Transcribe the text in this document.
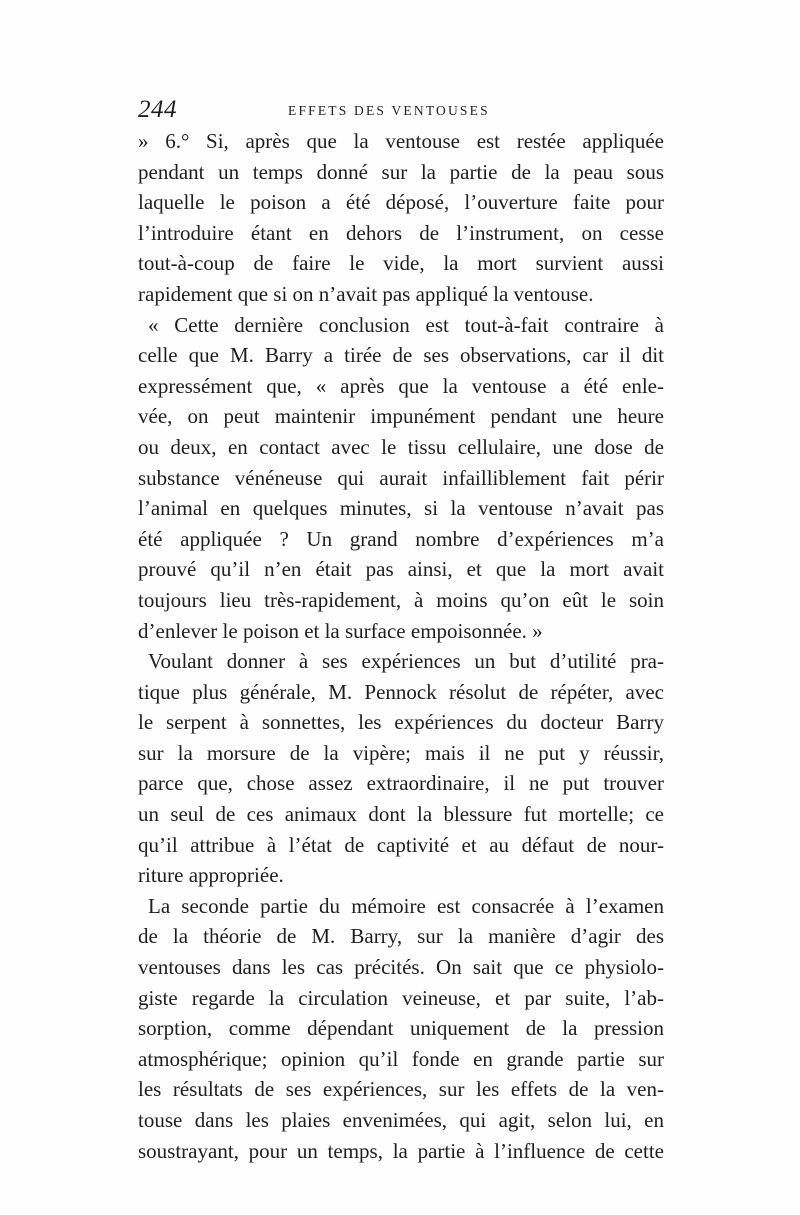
244	EFFETS DES VENTOUSES
» 6.° Si, après que la ventouse est restée appliquée
pendant un temps donné sur la partie de la peau sous
laquelle le poison a été déposé, l’ouverture faite pour
l’introduire étant en dehors de l’instrument, on cesse
tout-à-coup de faire le vide, la mort survient aussi
rapidement que si on n’avait pas appliqué la ventouse.
« Cette dernière conclusion est tout-à-fait contraire à
celle que M. Barry a tirée de ses observations, car il dit
expressément que, « après que la ventouse a été enle-
vée, on peut maintenir impunément pendant une heure
ou deux, en contact avec le tissu cellulaire, une dose de
substance vénéneuse qui aurait infailliblement fait périr
l’animal en quelques minutes, si la ventouse n’avait pas
été appliquée ? Un grand nombre d’expériences m’a
prouvé qu’il n’en était pas ainsi, et que la mort avait
toujours lieu très-rapidement, à moins qu’on eût le soin
d’enlever le poison et la surface empoisonnée. »
Voulant donner à ses expériences un but d’utilité pra-
tique plus générale, M. Pennock résolut de répéter, avec
le serpent à sonnettes, les expériences du docteur Barry
sur la morsure de la vipère; mais il ne put y réussir,
parce que, chose assez extraordinaire, il ne put trouver
un seul de ces animaux dont la blessure fut mortelle; ce
qu’il attribue à l’état de captivité et au défaut de nour-
riture appropriée.
La seconde partie du mémoire est consacrée à l’examen
de la théorie de M. Barry, sur la manière d’agir des
ventouses dans les cas précités. On sait que ce physiolo-
giste regarde la circulation veineuse, et par suite, l’ab-
sorption, comme dépendant uniquement de la pression
atmosphérique; opinion qu’il fonde en grande partie sur
les résultats de ses expériences, sur les effets de la ven-
touse dans les plaies envenimées, qui agit, selon lui, en
soustrayant, pour un temps, la partie à l’influence de cette
